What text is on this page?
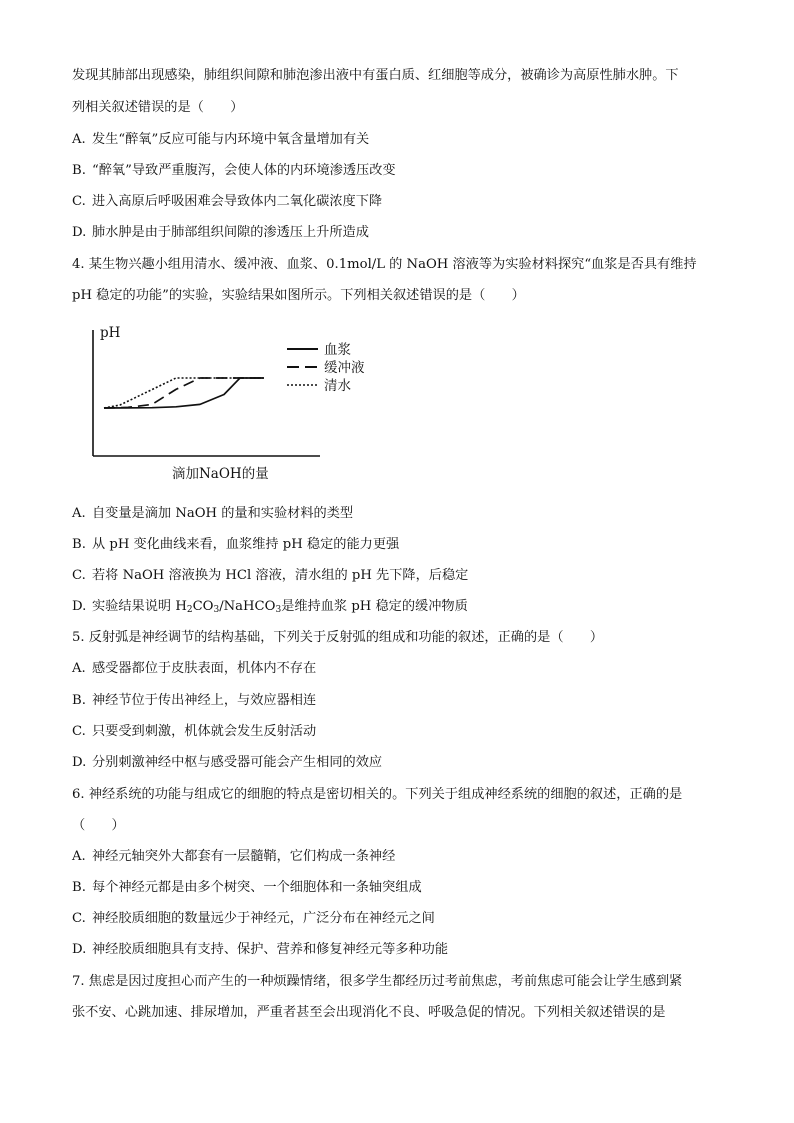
发现其肺部出现感染，肺组织间隙和肺泡渗出液中有蛋白质、红细胞等成分，被确诊为高原性肺水肿。下
列相关叙述错误的是（　　）
A. 发生“醉氧”反应可能与内环境中氧含量增加有关
B. “醉氧”导致严重腹泻，会使人体的内环境渗透压改变
C. 进入高原后呼吸困难会导致体内二氧化碳浓度下降
D. 肺水肿是由于肺部组织间隙的渗透压上升所造成
4. 某生物兴趣小组用清水、缓冲液、血浆、0.1mol/L 的 NaOH 溶液等为实验材料探究“血浆是否具有维持
pH 稳定的功能”的实验，实验结果如图所示。下列相关叙述错误的是（　　）
pH
滴加NaOH的量
血浆
缓冲液
清水
A. 自变量是滴加 NaOH 的量和实验材料的类型
B. 从 pH 变化曲线来看，血浆维持 pH 稳定的能力更强
C. 若将 NaOH 溶液换为 HCl 溶液，清水组的 pH 先下降，后稳定
D. 实验结果说明 $H_2CO_3/NaHCO_3$是维持血浆 pH 稳定的缓冲物质
5. 反射弧是神经调节的结构基础，下列关于反射弧的组成和功能的叙述，正确的是（　　）
A. 感受器都位于皮肤表面，机体内不存在
B. 神经节位于传出神经上，与效应器相连
C. 只要受到刺激，机体就会发生反射活动
D. 分别刺激神经中枢与感受器可能会产生相同的效应
6. 神经系统的功能与组成它的细胞的特点是密切相关的。下列关于组成神经系统的细胞的叙述，正确的是
（　　）
A. 神经元轴突外大都套有一层髓鞘，它们构成一条神经
B. 每个神经元都是由多个树突、一个细胞体和一条轴突组成
C. 神经胶质细胞的数量远少于神经元，广泛分布在神经元之间
D. 神经胶质细胞具有支持、保护、营养和修复神经元等多种功能
7. 焦虑是因过度担心而产生的一种烦躁情绪，很多学生都经历过考前焦虑，考前焦虑可能会让学生感到紧
张不安、心跳加速、排尿增加，严重者甚至会出现消化不良、呼吸急促的情况。下列相关叙述错误的是
